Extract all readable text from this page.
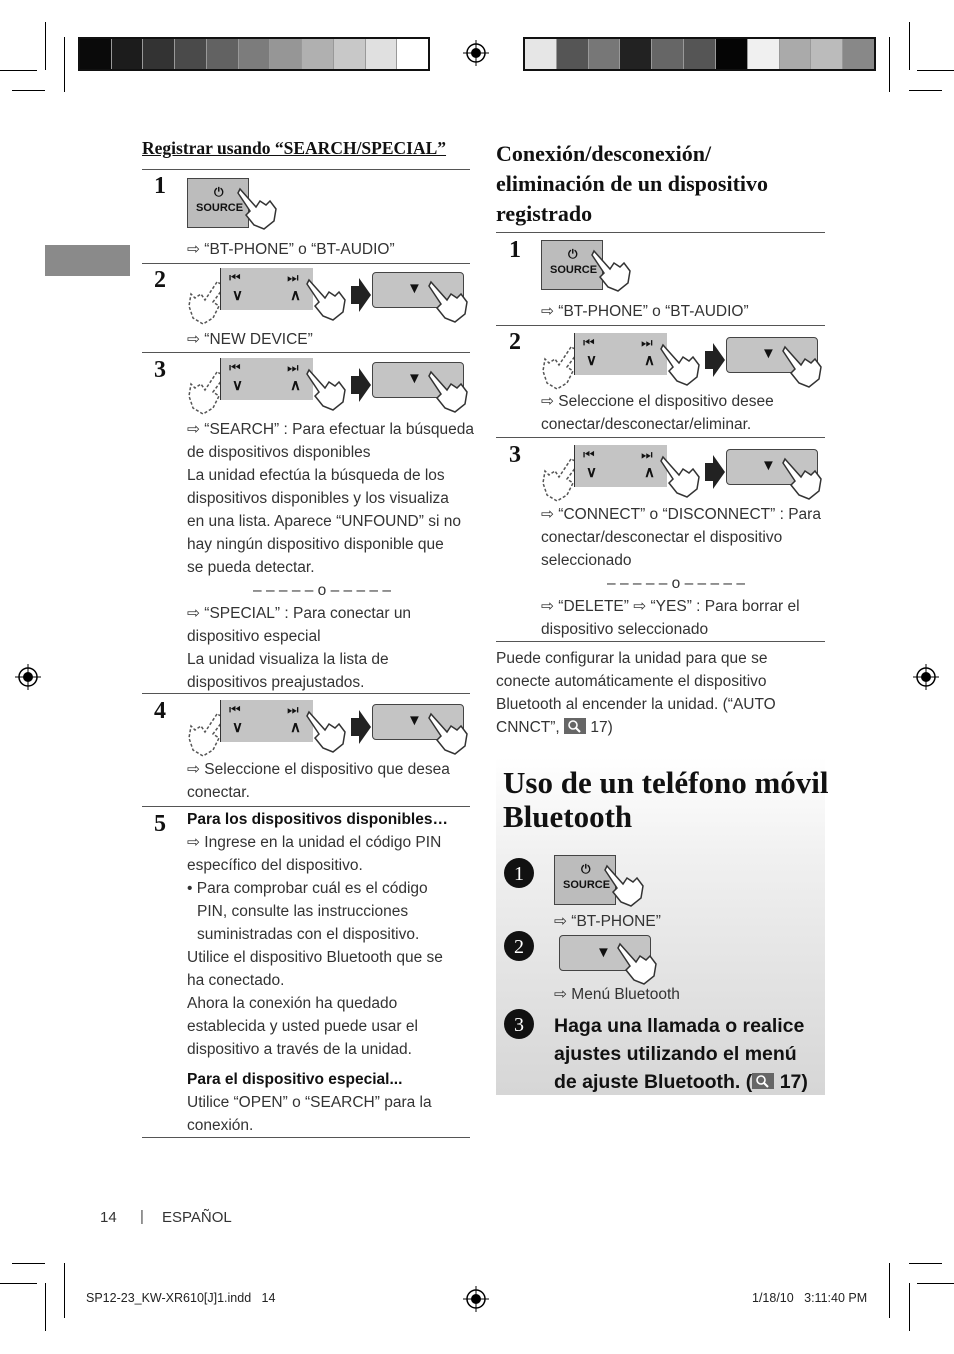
Registrar usando “SEARCH/SPECIAL”
1	⏻
SOURCE
⇨ “BT-PHONE” o “BT-AUDIO”
2	⏮	⏭
∨	∧	▼
⇨ “NEW DEVICE”
3	⏮	⏭
∨	∧	▼
⇨ “SEARCH” : Para efectuar la búsqueda
de dispositivos disponibles
La unidad efectúa la búsqueda de los
dispositivos disponibles y los visualiza
en una lista. Aparece “UNFOUND” si no
hay ningún dispositivo disponible que
se pueda detectar.
– – – – – o – – – – –
⇨ “SPECIAL” : Para conectar un
dispositivo especial
La unidad visualiza la lista de
dispositivos preajustados.
4	⏮	⏭
∨	∧	▼
⇨ Seleccione el dispositivo que desea
conectar.
5 Para los dispositivos disponibles…
⇨ Ingrese en la unidad el código PIN
específico del dispositivo.
• Para comprobar cuál es el código
PIN, consulte las instrucciones
suministradas con el dispositivo.
Utilice el dispositivo Bluetooth que se
ha conectado.
Ahora la conexión ha quedado
establecida y usted puede usar el
dispositivo a través de la unidad.
Para el dispositivo especial...
Utilice “OPEN” o “SEARCH” para la
conexión.
Conexión/desconexión/
eliminación de un dispositivo
registrado
1	⏻
SOURCE
⇨ “BT-PHONE” o “BT-AUDIO”
2	⏮	⏭
∨	∧	▼
⇨ Seleccione el dispositivo desee
conectar/desconectar/eliminar.
3	⏮	⏭
∨	∧	▼
⇨ “CONNECT” o “DISCONNECT” : Para
conectar/desconectar el dispositivo
seleccionado
– – – – – o – – – – –
⇨ “DELETE” ⇨ “YES” : Para borrar el
dispositivo seleccionado
Puede configurar la unidad para que se
conecte automáticamente el dispositivo
Bluetooth al encender la unidad. (“AUTO
CNNCT”, 17)
Uso de un teléfono móvil
Bluetooth
1	⏻
SOURCE
⇨ “BT-PHONE”
2	▼
⇨ Menú Bluetooth
3 Haga una llamada o realice
ajustes utilizando el menú
de ajuste Bluetooth. ( 17)
14 | ESPAÑOL
SP12-23_KW-XR610[J]1.indd   14	1/18/10   3:11:40 PM
